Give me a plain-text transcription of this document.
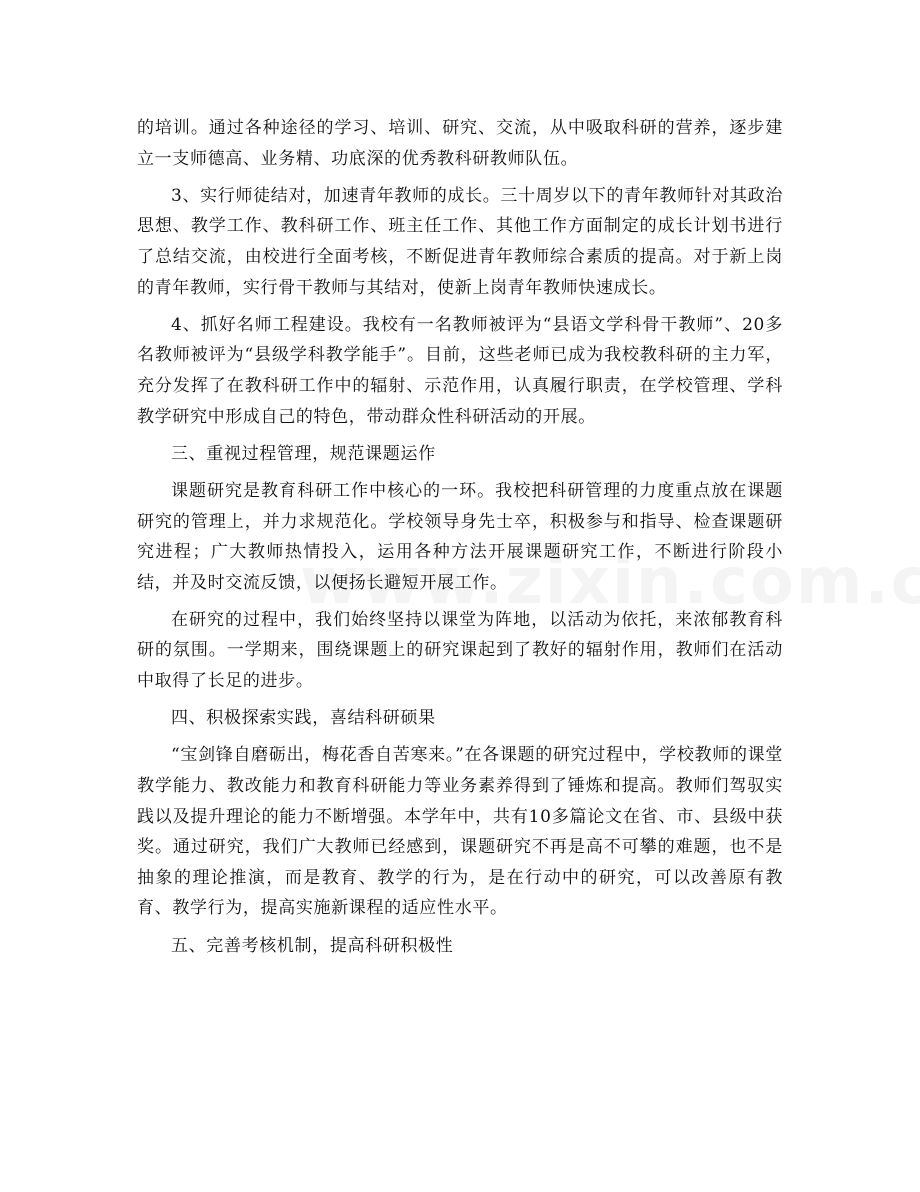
的培训。通过各种途径的学习、培训、研究、交流，从中吸取科研的营养，逐步建立一支师德高、业务精、功底深的优秀教科研教师队伍。

3、实行师徒结对，加速青年教师的成长。三十周岁以下的青年教师针对其政治思想、教学工作、教科研工作、班主任工作、其他工作方面制定的成长计划书进行了总结交流，由校进行全面考核，不断促进青年教师综合素质的提高。对于新上岗的青年教师，实行骨干教师与其结对，使新上岗青年教师快速成长。

4、抓好名师工程建设。我校有一名教师被评为“县语文学科骨干教师”、20多名教师被评为“县级学科教学能手”。目前，这些老师已成为我校教科研的主力军，充分发挥了在教科研工作中的辐射、示范作用，认真履行职责，在学校管理、学科教学研究中形成自己的特色，带动群众性科研活动的开展。

三、重视过程管理，规范课题运作

课题研究是教育科研工作中核心的一环。我校把科研管理的力度重点放在课题研究的管理上，并力求规范化。学校领导身先士卒，积极参与和指导、检查课题研究进程；广大教师热情投入，运用各种方法开展课题研究工作，不断进行阶段小结，并及时交流反馈，以便扬长避短开展工作。

在研究的过程中，我们始终坚持以课堂为阵地，以活动为依托，来浓郁教育科研的氛围。一学期来，围绕课题上的研究课起到了教好的辐射作用，教师们在活动中取得了长足的进步。

四、积极探索实践，喜结科研硕果

“宝剑锋自磨砺出，梅花香自苦寒来。”在各课题的研究过程中，学校教师的课堂教学能力、教改能力和教育科研能力等业务素养得到了锤炼和提高。教师们驾驭实践以及提升理论的能力不断增强。本学年中，共有10多篇论文在省、市、县级中获奖。通过研究，我们广大教师已经感到，课题研究不再是高不可攀的难题，也不是抽象的理论推演，而是教育、教学的行为，是在行动中的研究，可以改善原有教育、教学行为，提高实施新课程的适应性水平。

五、完善考核机制，提高科研积极性
